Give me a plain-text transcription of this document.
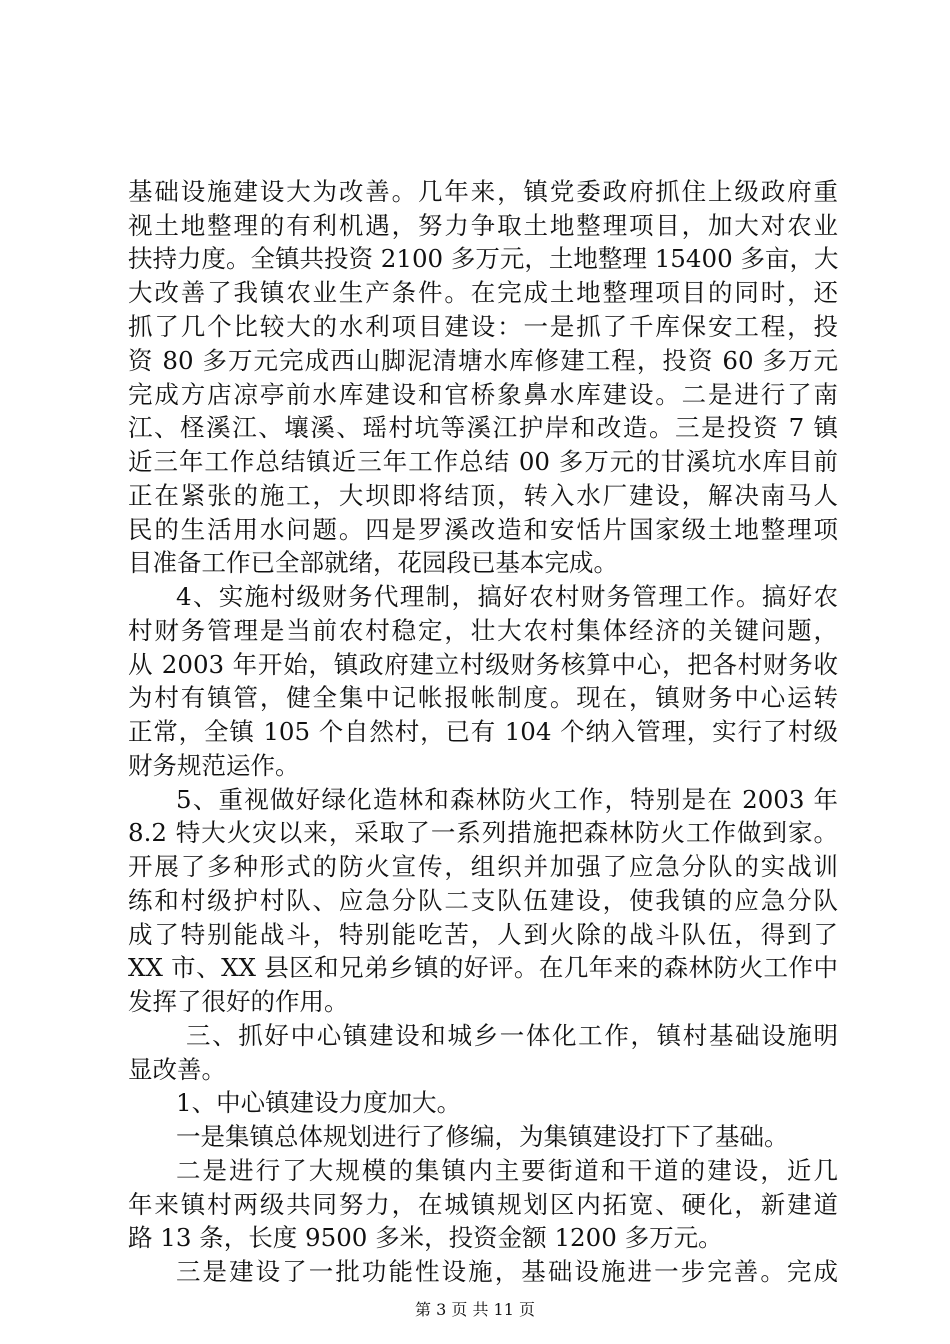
基础设施建设大为改善。几年来，镇党委政府抓住上级政府重
视土地整理的有利机遇，努力争取土地整理项目，加大对农业
扶持力度。全镇共投资 2100 多万元，土地整理 15400 多亩，大
大改善了我镇农业生产条件。在完成土地整理项目的同时，还
抓了几个比较大的水利项目建设：一是抓了千库保安工程，投
资 80 多万元完成西山脚泥清塘水库修建工程，投资 60 多万元
完成方店凉亭前水库建设和官桥象鼻水库建设。二是进行了南
江、柽溪江、壤溪、瑶村坑等溪江护岸和改造。三是投资 7 镇
近三年工作总结镇近三年工作总结 00 多万元的甘溪坑水库目前
正在紧张的施工，大坝即将结顶，转入水厂建设，解决南马人
民的生活用水问题。四是罗溪改造和安恬片国家级土地整理项
目准备工作已全部就绪，花园段已基本完成。
4、实施村级财务代理制，搞好农村财务管理工作。搞好农
村财务管理是当前农村稳定，壮大农村集体经济的关键问题，
从 2003 年开始，镇政府建立村级财务核算中心，把各村财务收
为村有镇管，健全集中记帐报帐制度。现在，镇财务中心运转
正常，全镇 105 个自然村，已有 104 个纳入管理，实行了村级
财务规范运作。
5、重视做好绿化造林和森林防火工作，特别是在 2003 年
8.2 特大火灾以来，采取了一系列措施把森林防火工作做到家。
开展了多种形式的防火宣传，组织并加强了应急分队的实战训
练和村级护村队、应急分队二支队伍建设，使我镇的应急分队
成了特别能战斗，特别能吃苦，人到火除的战斗队伍，得到了
XX 市、XX 县区和兄弟乡镇的好评。在几年来的森林防火工作中
发挥了很好的作用。
三、抓好中心镇建设和城乡一体化工作，镇村基础设施明
显改善。
1、中心镇建设力度加大。
一是集镇总体规划进行了修编，为集镇建设打下了基础。
二是进行了大规模的集镇内主要街道和干道的建设，近几
年来镇村两级共同努力，在城镇规划区内拓宽、硬化，新建道
路 13 条，长度 9500 多米，投资金额 1200 多万元。
三是建设了一批功能性设施，基础设施进一步完善。完成
第 3 页 共 11 页
